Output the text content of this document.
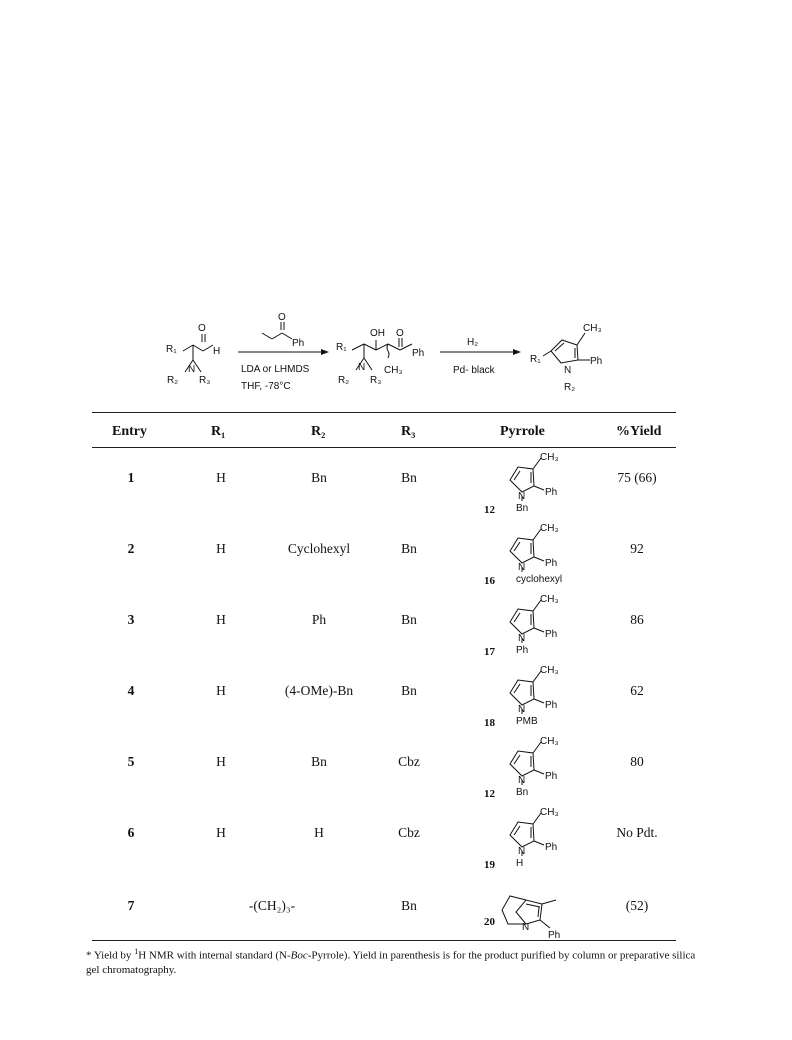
O
H
R₁
N
R₂ R₃
O
Ph
LDA or LHMDS
THF, -78°C
OH O
Ph
R₁
N
R₂ R₃
CH₃
H₂
Pd- black
CH₃
Ph
R₁
N
R₂
Entry	R₁	R₂	R₃	Pyrrole	%Yield
1	H	Bn	Bn	75 (66)
12
CH₃
Ph
N
Bn
2	H	Cyclohexyl	Bn	92
16
CH₃
Ph
N
cyclohexyl
3	H	Ph	Bn	86
17
CH₃
Ph
N
Ph
4	H	(4-OMe)-Bn	Bn	62
18
CH₃
Ph
N
PMB
5	H	Bn	Cbz	80
12
CH₃
Ph
N
Bn
6	H	H	Cbz	No Pdt.
19
CH₃
Ph
N
H
7	-(CH₂)₃-	Bn	(52)
20	N
Ph
* Yield by $^1$H NMR with internal standard (N-Boc-Pyrrole). Yield in parenthesis is for the product purified by column or preparative silica gel chromatography.
